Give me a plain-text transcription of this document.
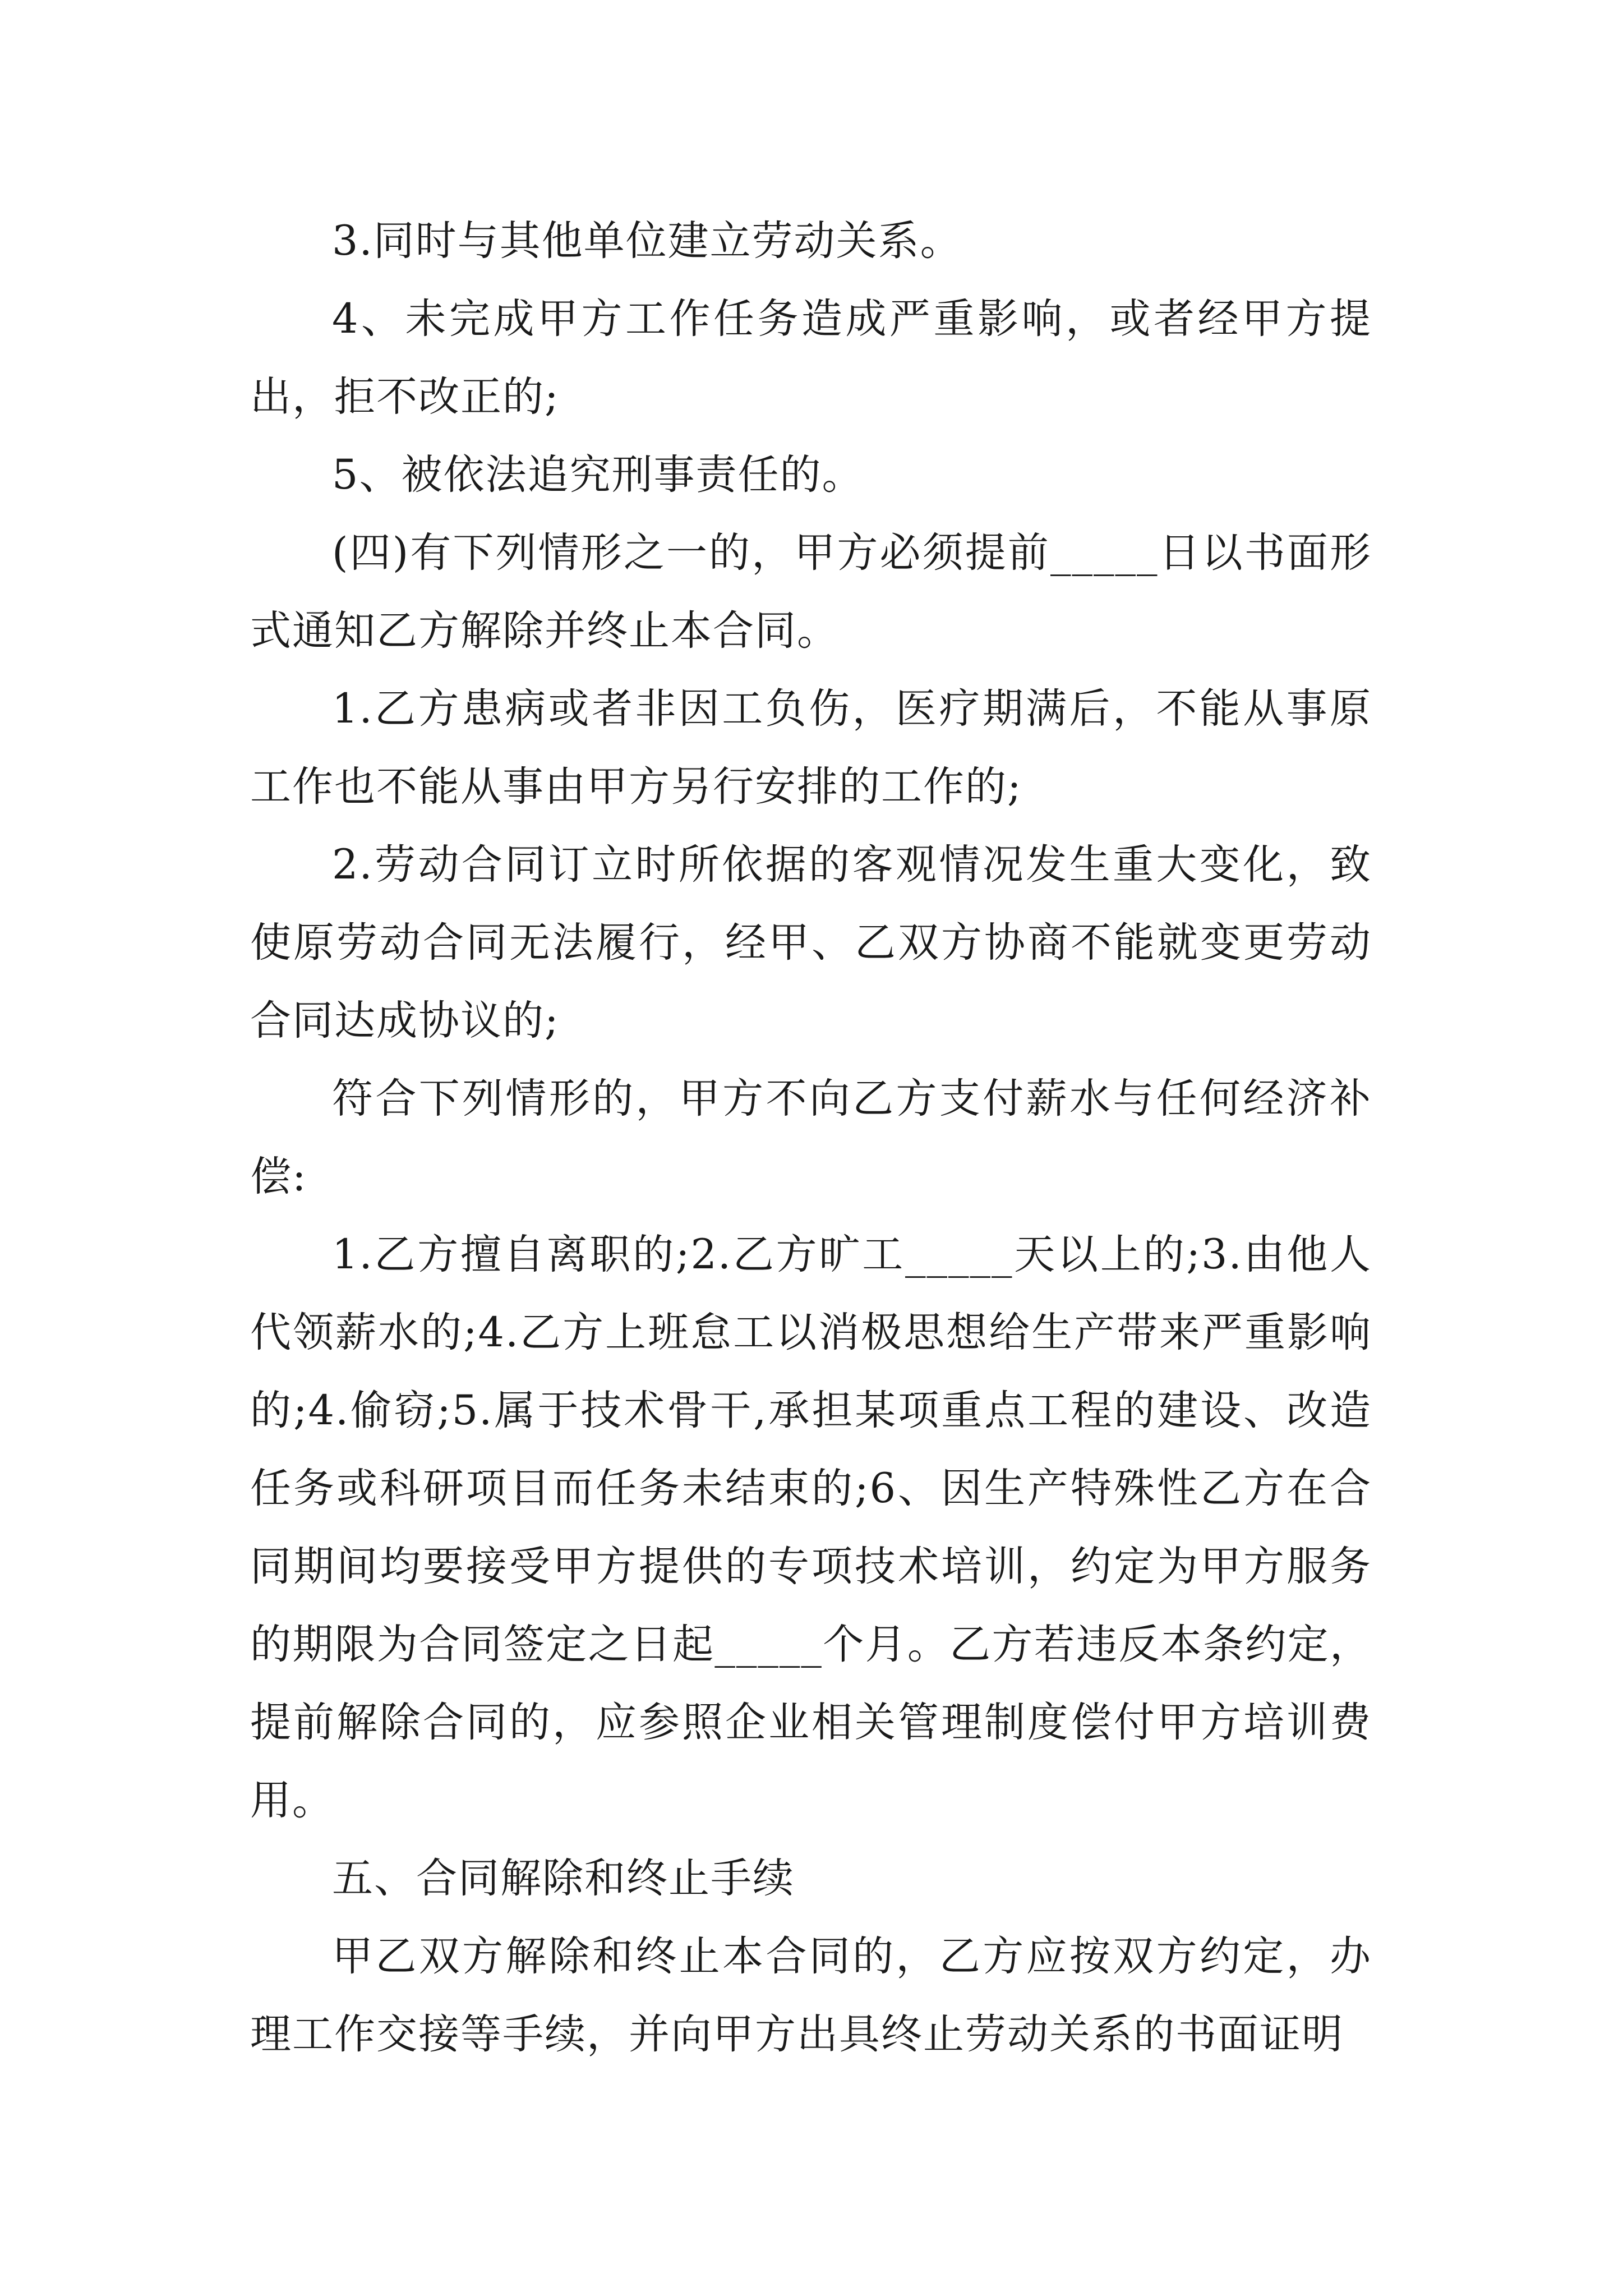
3.同时与其他单位建立劳动关系。

4、未完成甲方工作任务造成严重影响，或者经甲方提出，拒不改正的;

5、被依法追究刑事责任的。

(四)有下列情形之一的，甲方必须提前_____日以书面形式通知乙方解除并终止本合同。

1.乙方患病或者非因工负伤，医疗期满后，不能从事原工作也不能从事由甲方另行安排的工作的;

2.劳动合同订立时所依据的客观情况发生重大变化，致使原劳动合同无法履行，经甲、乙双方协商不能就变更劳动合同达成协议的;

符合下列情形的，甲方不向乙方支付薪水与任何经济补偿:

1.乙方擅自离职的;2.乙方旷工_____天以上的;3.由他人代领薪水的;4.乙方上班怠工以消极思想给生产带来严重影响的;4.偷窃;5.属于技术骨干,承担某项重点工程的建设、改造任务或科研项目而任务未结束的;6、因生产特殊性乙方在合同期间均要接受甲方提供的专项技术培训，约定为甲方服务的期限为合同签定之日起_____个月。乙方若违反本条约定，提前解除合同的，应参照企业相关管理制度偿付甲方培训费用。

五、合同解除和终止手续

甲乙双方解除和终止本合同的，乙方应按双方约定，办理工作交接等手续，并向甲方出具终止劳动关系的书面证明
